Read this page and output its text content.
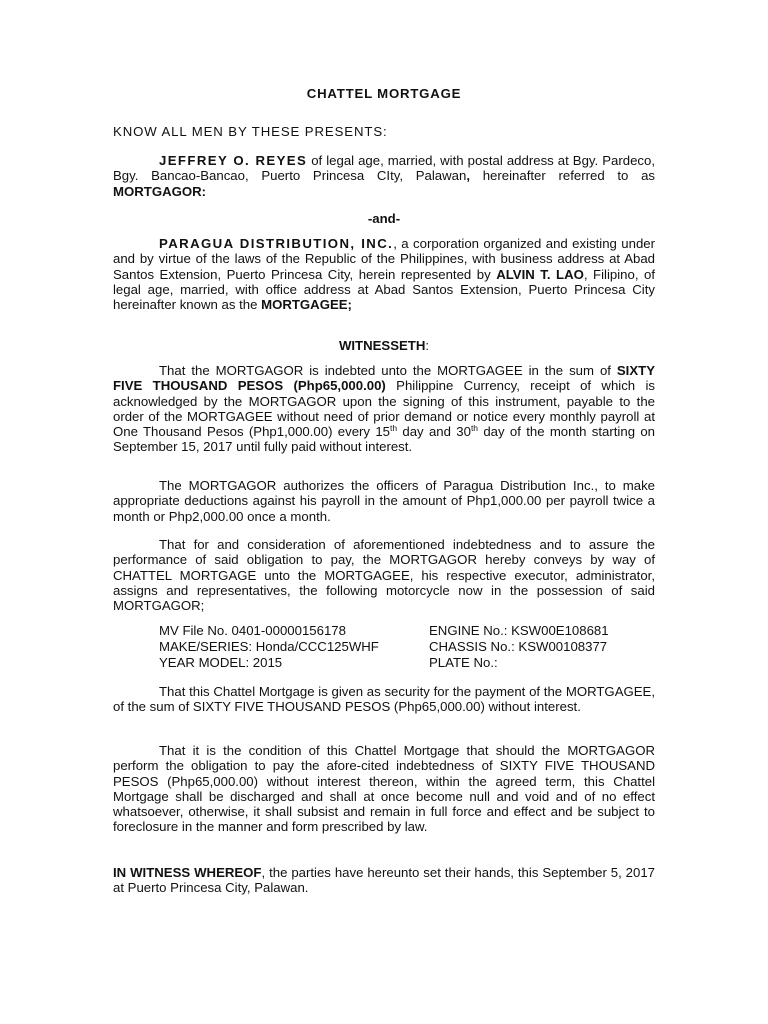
CHATTEL MORTGAGE

KNOW ALL MEN BY THESE PRESENTS:

JEFFREY O. REYES of legal age, married, with postal address at Bgy. Pardeco, Bgy. Bancao-Bancao, Puerto Princesa CIty, Palawan, hereinafter referred to as MORTGAGOR:

-and-

PARAGUA DISTRIBUTION, INC., a corporation organized and existing under and by virtue of the laws of the Republic of the Philippines, with business address at Abad Santos Extension, Puerto Princesa City, herein represented by ALVIN T. LAO, Filipino, of legal age, married, with office address at Abad Santos Extension, Puerto Princesa City hereinafter known as the MORTGAGEE;

WITNESSETH:

That the MORTGAGOR is indebted unto the MORTGAGEE in the sum of SIXTY FIVE THOUSAND PESOS (Php65,000.00) Philippine Currency, receipt of which is acknowledged by the MORTGAGOR upon the signing of this instrument, payable to the order of the MORTGAGEE without need of prior demand or notice every monthly payroll at One Thousand Pesos (Php1,000.00) every 15th day and 30th day of the month starting on September 15, 2017 until fully paid without interest.

The MORTGAGOR authorizes the officers of Paragua Distribution Inc., to make appropriate deductions against his payroll in the amount of Php1,000.00 per payroll twice a month or Php2,000.00 once a month.

That for and consideration of aforementioned indebtedness and to assure the performance of said obligation to pay, the MORTGAGOR hereby conveys by way of CHATTEL MORTGAGE unto the MORTGAGEE, his respective executor, administrator, assigns and representatives, the following motorcycle now in the possession of said MORTGAGOR;

MV File No. 0401-00000156178	ENGINE No.: KSW00E108681
MAKE/SERIES: Honda/CCC125WHF	CHASSIS No.: KSW00108377
YEAR MODEL: 2015	PLATE No.:

That this Chattel Mortgage is given as security for the payment of the MORTGAGEE, of the sum of SIXTY FIVE THOUSAND PESOS (Php65,000.00) without interest.

That it is the condition of this Chattel Mortgage that should the MORTGAGOR perform the obligation to pay the afore-cited indebtedness of SIXTY FIVE THOUSAND PESOS (Php65,000.00) without interest thereon, within the agreed term, this Chattel Mortgage shall be discharged and shall at once become null and void and of no effect whatsoever, otherwise, it shall subsist and remain in full force and effect and be subject to foreclosure in the manner and form prescribed by law.

IN WITNESS WHEREOF, the parties have hereunto set their hands, this September 5, 2017 at Puerto Princesa City, Palawan.
